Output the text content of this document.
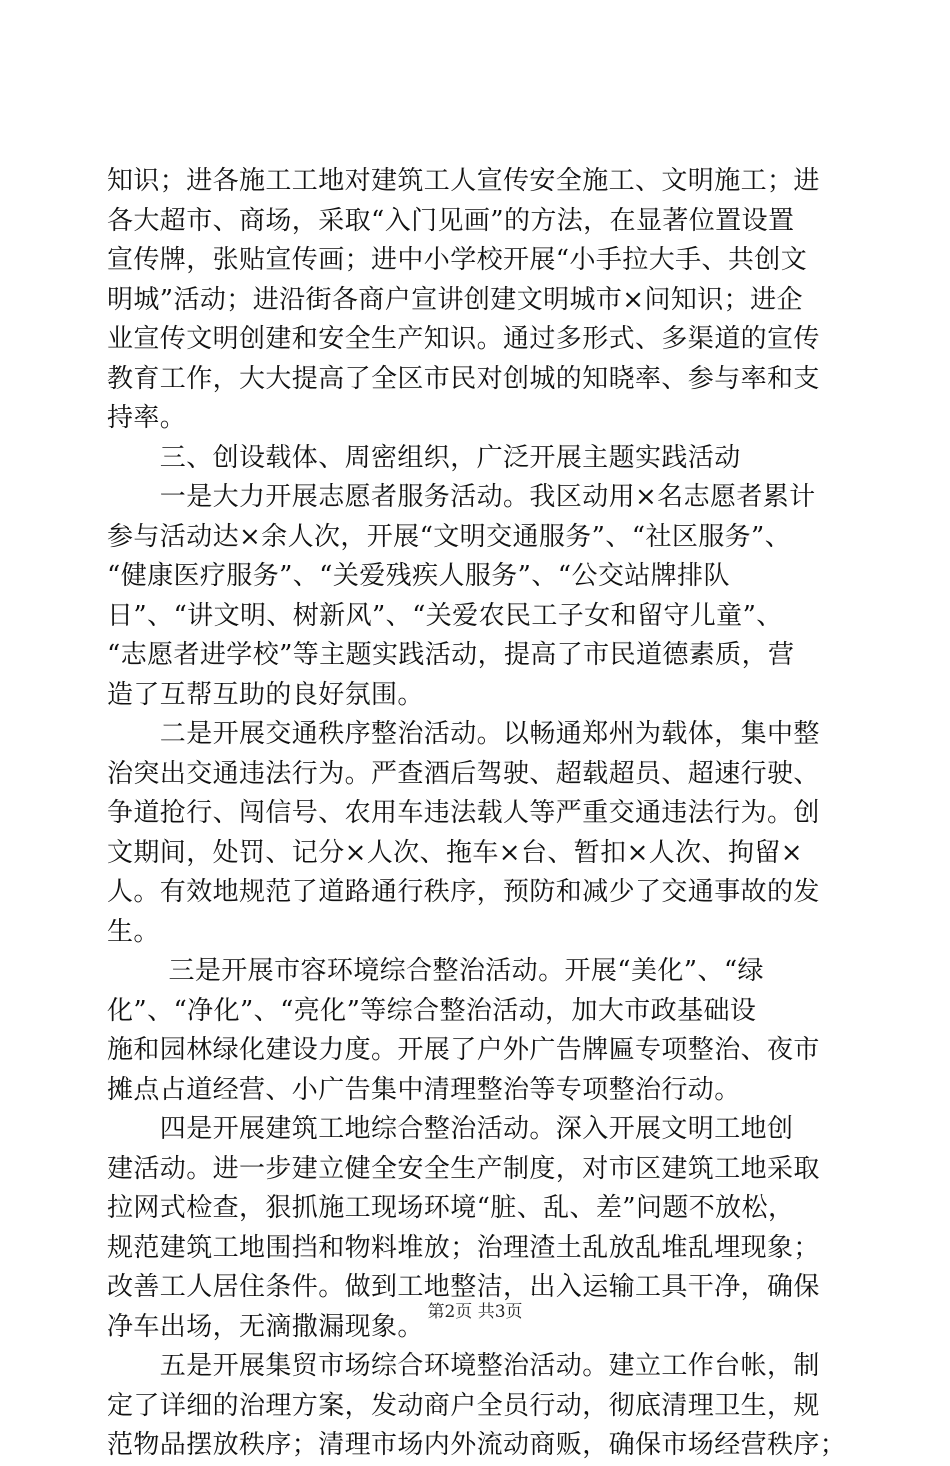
知识；进各施工工地对建筑工人宣传安全施工、文明施工；进
各大超市、商场，采取“入门见画”的方法，在显著位置设置
宣传牌，张贴宣传画；进中小学校开展“小手拉大手、共创文
明城”活动；进沿街各商户宣讲创建文明城市×问知识；进企
业宣传文明创建和安全生产知识。通过多形式、多渠道的宣传
教育工作，大大提高了全区市民对创城的知晓率、参与率和支
持率。
　　三、创设载体、周密组织，广泛开展主题实践活动
　　一是大力开展志愿者服务活动。我区动用×名志愿者累计
参与活动达×余人次，开展“文明交通服务”、“社区服务”、
“健康医疗服务”、“关爱残疾人服务”、“公交站牌排队
日”、“讲文明、树新风”、“关爱农民工子女和留守儿童”、
“志愿者进学校”等主题实践活动，提高了市民道德素质，营
造了互帮互助的良好氛围。
　　二是开展交通秩序整治活动。以畅通郑州为载体，集中整
治突出交通违法行为。严查酒后驾驶、超载超员、超速行驶、
争道抢行、闯信号、农用车违法载人等严重交通违法行为。创
文期间，处罚、记分×人次、拖车×台、暂扣×人次、拘留×
人。有效地规范了道路通行秩序，预防和减少了交通事故的发
生。
　　 三是开展市容环境综合整治活动。开展“美化”、“绿
化”、“净化”、“亮化”等综合整治活动，加大市政基础设
施和园林绿化建设力度。开展了户外广告牌匾专项整治、夜市
摊点占道经营、小广告集中清理整治等专项整治行动。
　　四是开展建筑工地综合整治活动。深入开展文明工地创
建活动。进一步建立健全安全生产制度，对市区建筑工地采取
拉网式检查，狠抓施工现场环境“脏、乱、差”问题不放松，
规范建筑工地围挡和物料堆放；治理渣土乱放乱堆乱埋现象；
改善工人居住条件。做到工地整洁，出入运输工具干净，确保
净车出场，无滴撒漏现象。
　　五是开展集贸市场综合环境整治活动。建立工作台帐，制
定了详细的治理方案，发动商户全员行动，彻底清理卫生，规
范物品摆放秩序；清理市场内外流动商贩，确保市场经营秩序；
第2页 共3页
